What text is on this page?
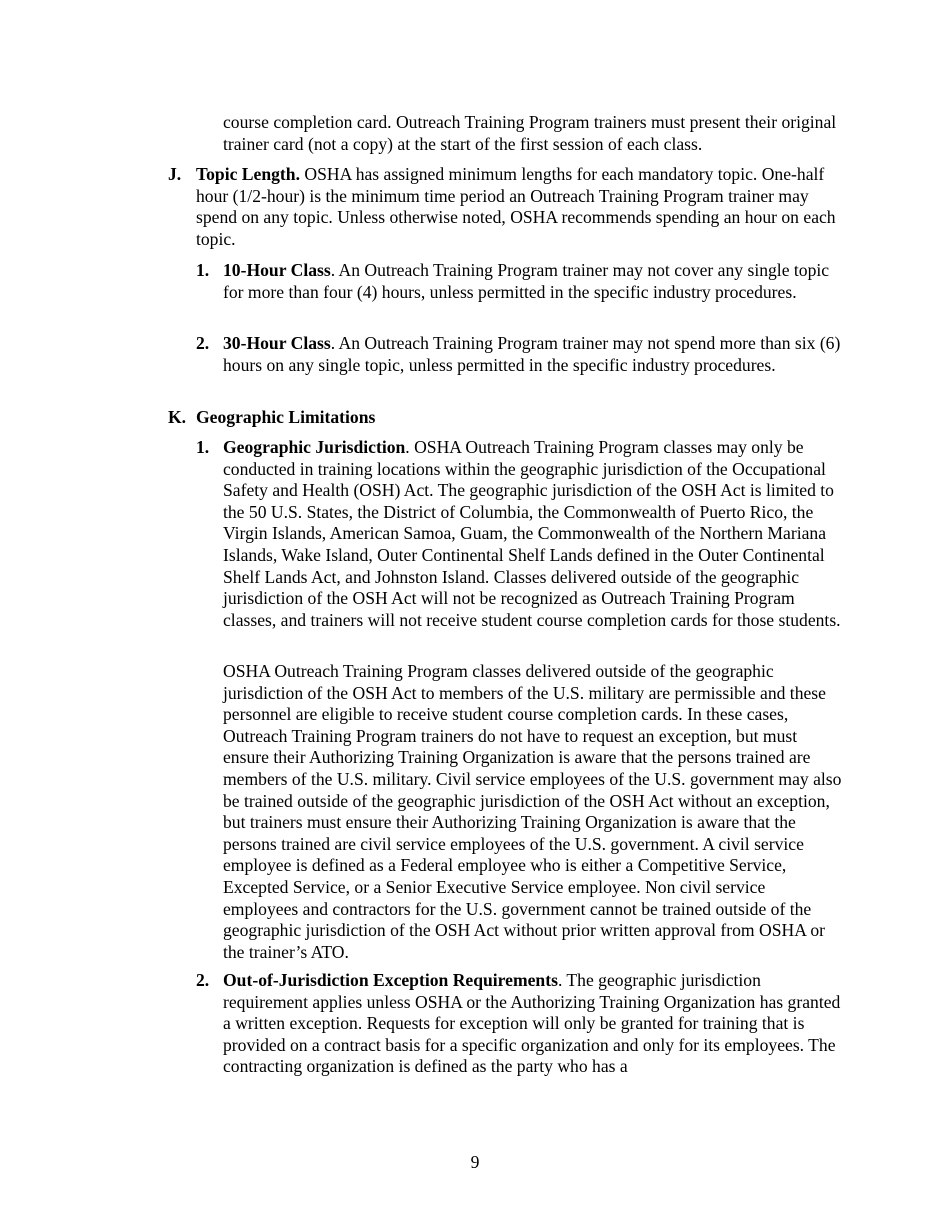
course completion card. Outreach Training Program trainers must present their original trainer card (not a copy) at the start of the first session of each class.

J. Topic Length. OSHA has assigned minimum lengths for each mandatory topic. One-half hour (1/2-hour) is the minimum time period an Outreach Training Program trainer may spend on any topic. Unless otherwise noted, OSHA recommends spending an hour on each topic.

1. 10-Hour Class. An Outreach Training Program trainer may not cover any single topic for more than four (4) hours, unless permitted in the specific industry procedures.

2. 30-Hour Class. An Outreach Training Program trainer may not spend more than six (6) hours on any single topic, unless permitted in the specific industry procedures.

K. Geographic Limitations
1. Geographic Jurisdiction. OSHA Outreach Training Program classes may only be conducted in training locations within the geographic jurisdiction of the Occupational Safety and Health (OSH) Act. The geographic jurisdiction of the OSH Act is limited to the 50 U.S. States, the District of Columbia, the Commonwealth of Puerto Rico, the Virgin Islands, American Samoa, Guam, the Commonwealth of the Northern Mariana Islands, Wake Island, Outer Continental Shelf Lands defined in the Outer Continental Shelf Lands Act, and Johnston Island. Classes delivered outside of the geographic jurisdiction of the OSH Act will not be recognized as Outreach Training Program classes, and trainers will not receive student course completion cards for those students.

OSHA Outreach Training Program classes delivered outside of the geographic jurisdiction of the OSH Act to members of the U.S. military are permissible and these personnel are eligible to receive student course completion cards. In these cases, Outreach Training Program trainers do not have to request an exception, but must ensure their Authorizing Training Organization is aware that the persons trained are members of the U.S. military. Civil service employees of the U.S. government may also be trained outside of the geographic jurisdiction of the OSH Act without an exception, but trainers must ensure their Authorizing Training Organization is aware that the persons trained are civil service employees of the U.S. government. A civil service employee is defined as a Federal employee who is either a Competitive Service, Excepted Service, or a Senior Executive Service employee. Non civil service employees and contractors for the U.S. government cannot be trained outside of the geographic jurisdiction of the OSH Act without prior written approval from OSHA or the trainer’s ATO.

2. Out-of-Jurisdiction Exception Requirements. The geographic jurisdiction requirement applies unless OSHA or the Authorizing Training Organization has granted a written exception. Requests for exception will only be granted for training that is provided on a contract basis for a specific organization and only for its employees. The contracting organization is defined as the party who has a

9
